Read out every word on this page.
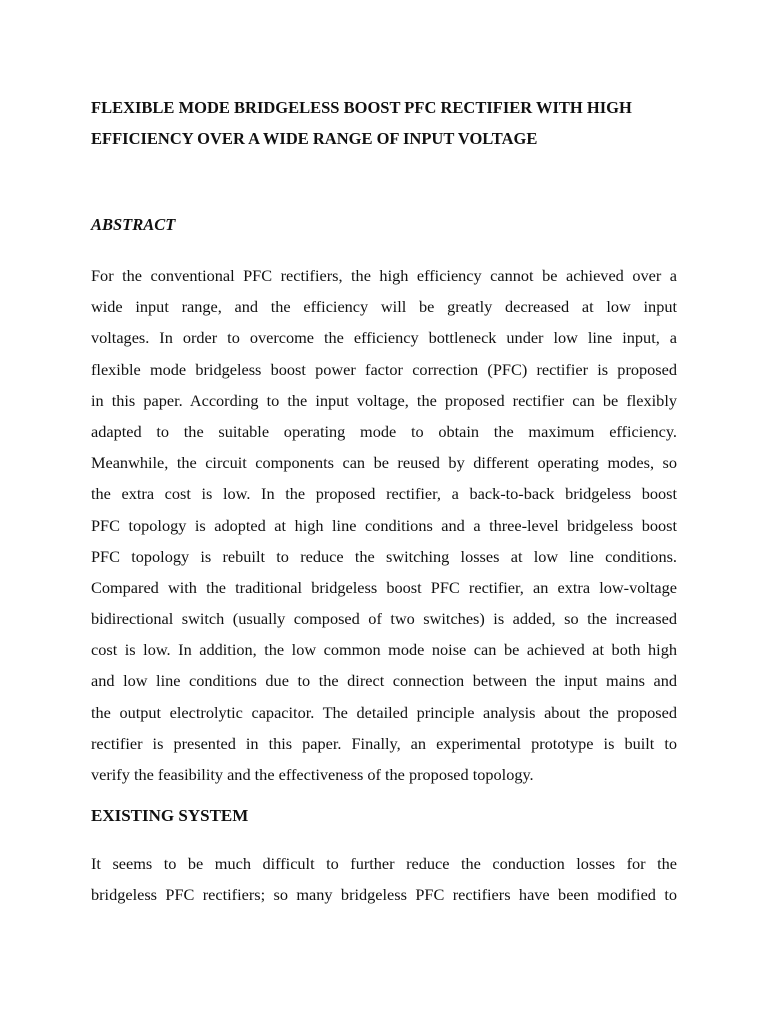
FLEXIBLE MODE BRIDGELESS BOOST PFC RECTIFIER WITH HIGH
EFFICIENCY OVER A WIDE RANGE OF INPUT VOLTAGE
ABSTRACT
For the conventional PFC rectifiers, the high efficiency cannot be achieved over a
wide input range, and the efficiency will be greatly decreased at low input
voltages. In order to overcome the efficiency bottleneck under low line input, a
flexible mode bridgeless boost power factor correction (PFC) rectifier is proposed
in this paper. According to the input voltage, the proposed rectifier can be flexibly
adapted to the suitable operating mode to obtain the maximum efficiency.
Meanwhile, the circuit components can be reused by different operating modes, so
the extra cost is low. In the proposed rectifier, a back-to-back bridgeless boost
PFC topology is adopted at high line conditions and a three-level bridgeless boost
PFC topology is rebuilt to reduce the switching losses at low line conditions.
Compared with the traditional bridgeless boost PFC rectifier, an extra low-voltage
bidirectional switch (usually composed of two switches) is added, so the increased
cost is low. In addition, the low common mode noise can be achieved at both high
and low line conditions due to the direct connection between the input mains and
the output electrolytic capacitor. The detailed principle analysis about the proposed
rectifier is presented in this paper. Finally, an experimental prototype is built to
verify the feasibility and the effectiveness of the proposed topology.
EXISTING SYSTEM
It seems to be much difficult to further reduce the conduction losses for the
bridgeless PFC rectifiers; so many bridgeless PFC rectifiers have been modified to
